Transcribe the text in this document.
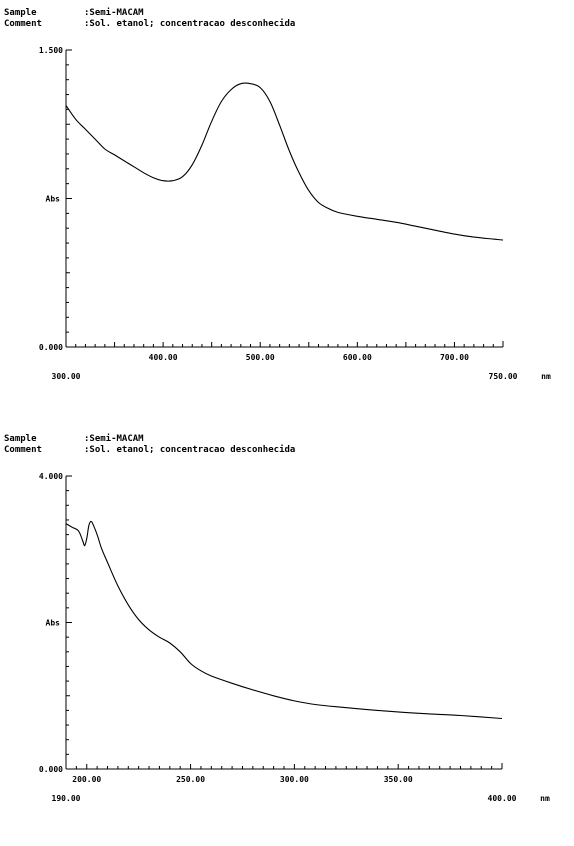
Sample	:Semi-MACAM
Comment	:Sol. etanol; concentracao desconhecida
1.500
0.000
Abs
400.00	500.00	600.00	700.00
300.00	750.00	nm
Sample	:Semi-MACAM
Comment	:Sol. etanol; concentracao desconhecida
4.000
0.000
Abs
200.00	250.00	300.00	350.00
190.00	400.00	nm
